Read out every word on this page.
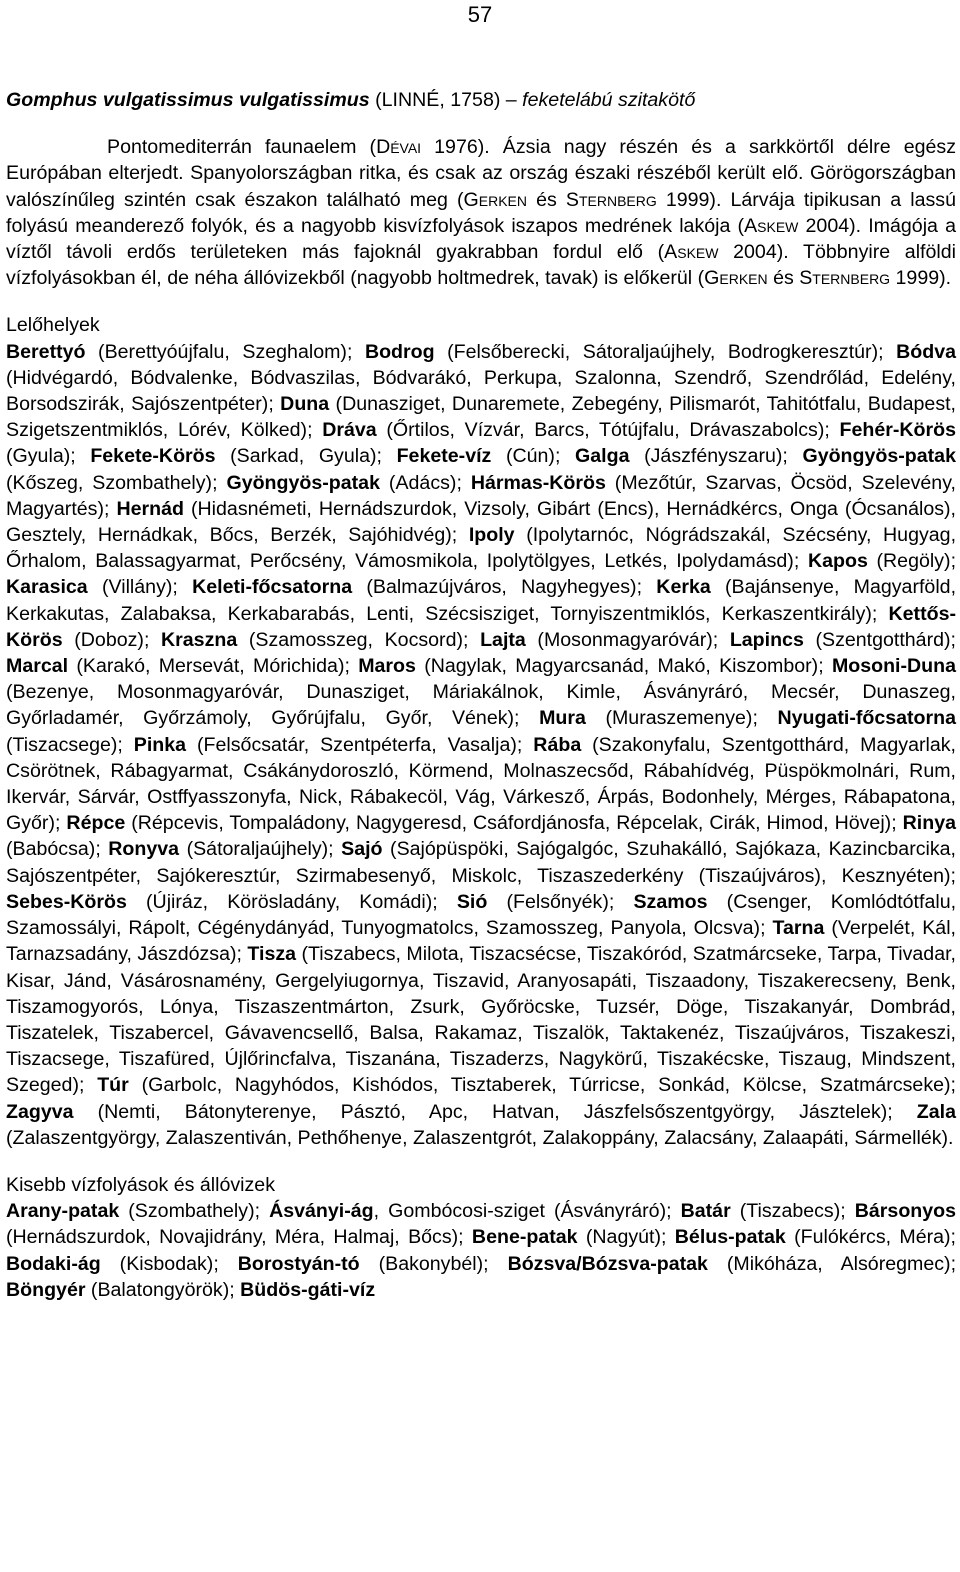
57

Gomphus vulgatissimus vulgatissimus (LINNÉ, 1758) – feketelábú szitakötő

Pontomediterrán faunaelem (Dévai 1976). Ázsia nagy részén és a sarkkörtől délre egész Európában elterjedt. Spanyolországban ritka, és csak az ország északi részéből került elő. Görögországban valószínűleg szintén csak északon található meg (Gerken és Sternberg 1999). Lárvája tipikusan a lassú folyású meanderező folyók, és a nagyobb kisvízfolyások iszapos medrének lakója (Askew 2004). Imágója a víztől távoli erdős területeken más fajoknál gyakrabban fordul elő (Askew 2004). Többnyire alföldi vízfolyásokban él, de néha állóvizekből (nagyobb holtmedrek, tavak) is előkerül (Gerken és Sternberg 1999).

Lelőhelyek

Berettyó (Berettyóújfalu, Szeghalom); Bodrog (Felsőberecki, Sátoraljaújhely, Bodrogkeresztúr); Bódva (Hidvégardó, Bódvalenke, Bódvaszilas, Bódvarákó, Perkupa, Szalonna, Szendrő, Szendrőlád, Edelény, Borsodszirák, Sajószentpéter); Duna (Dunasziget, Dunaremete, Zebegény, Pilismarót, Tahitótfalu, Budapest, Szigetszentmiklós, Lórév, Kölked); Dráva (Őrtilos, Vízvár, Barcs, Tótújfalu, Drávaszabolcs); Fehér-Körös (Gyula); Fekete-Körös (Sarkad, Gyula); Fekete-víz (Cún); Galga (Jászfényszaru); Gyöngyös-patak (Kőszeg, Szombathely); Gyöngyös-patak (Adács); Hármas-Körös (Mezőtúr, Szarvas, Öcsöd, Szelevény, Magyartés); Hernád (Hidasnémeti, Hernádszurdok, Vizsoly, Gibárt (Encs), Hernádkércs, Onga (Ócsanálos), Gesztely, Hernádkak, Bőcs, Berzék, Sajóhidvég); Ipoly (Ipolytarnóc, Nógrádszakál, Szécsény, Hugyag, Őrhalom, Balassagyarmat, Perőcsény, Vámosmikola, Ipolytölgyes, Letkés, Ipolydamásd); Kapos (Regöly); Karasica (Villány); Keleti-főcsatorna (Balmazújváros, Nagyhegyes); Kerka (Bajánsenye, Magyarföld, Kerkakutas, Zalabaksa, Kerkabarabás, Lenti, Szécsisziget, Tornyiszentmiklós, Kerkaszentkirály); Kettős-Körös (Doboz); Kraszna (Szamosszeg, Kocsord); Lajta (Mosonmagyaróvár); Lapincs (Szentgotthárd); Marcal (Karakó, Mersevát, Mórichida); Maros (Nagylak, Magyarcsanád, Makó, Kiszombor); Mosoni-Duna (Bezenye, Mosonmagyaróvár, Dunasziget, Máriakálnok, Kimle, Ásványráró, Mecsér, Dunaszeg, Győrladamér, Győrzámoly, Győrújfalu, Győr, Vének); Mura (Muraszemenye); Nyugati-főcsatorna (Tiszacsege); Pinka (Felsőcsatár, Szentpéterfa, Vasalja); Rába (Szakonyfalu, Szentgotthárd, Magyarlak, Csörötnek, Rábagyarmat, Csákánydoroszló, Körmend, Molnaszecsőd, Rábahídvég, Püspökmolnári, Rum, Ikervár, Sárvár, Ostffyasszonyfa, Nick, Rábakecöl, Vág, Várkesző, Árpás, Bodonhely, Mérges, Rábapatona, Győr); Répce (Répcevis, Tompaládony, Nagygeresd, Csáfordjánosfa, Répcelak, Cirák, Himod, Hövej); Rinya (Babócsa); Ronyva (Sátoraljaújhely); Sajó (Sajópüspöki, Sajógalgóc, Szuhakálló, Sajókaza, Kazincbarcika, Sajószentpéter, Sajókeresztúr, Szirmabesenyő, Miskolc, Tiszaszederkény (Tiszaújváros), Kesznyéten); Sebes-Körös (Újiráz, Körösladány, Komádi); Sió (Felsőnyék); Szamos (Csenger, Komlódtótfalu, Szamossályi, Rápolt, Cégénydányád, Tunyogmatolcs, Szamosszeg, Panyola, Olcsva); Tarna (Verpelét, Kál, Tarnazsadány, Jászdózsa); Tisza (Tiszabecs, Milota, Tiszacsécse, Tiszakóród, Szatmárcseke, Tarpa, Tivadar, Kisar, Jánd, Vásárosnamény, Gergelyiugornya, Tiszavid, Aranyosapáti, Tiszaadony, Tiszakerecseny, Benk, Tiszamogyorós, Lónya, Tiszaszentmárton, Zsurk, Győröcske, Tuzsér, Döge, Tiszakanyár, Dombrád, Tiszatelek, Tiszabercel, Gávavencsellő, Balsa, Rakamaz, Tiszalök, Taktakenéz, Tiszaújváros, Tiszakeszi, Tiszacsege, Tiszafüred, Újlőrincfalva, Tiszanána, Tiszaderzs, Nagykörű, Tiszakécske, Tiszaug, Mindszent, Szeged); Túr (Garbolc, Nagyhódos, Kishódos, Tisztaberek, Túrricse, Sonkád, Kölcse, Szatmárcseke); Zagyva (Nemti, Bátonyterenye, Pásztó, Apc, Hatvan, Jászfelsőszentgyörgy, Jásztelek); Zala (Zalaszentgyörgy, Zalaszentiván, Pethőhenye, Zalaszentgrót, Zalakoppány, Zalacsány, Zalaapáti, Sármellék).

Kisebb vízfolyások és állóvizek

Arany-patak (Szombathely); Ásványi-ág, Gombócosi-sziget (Ásványráró); Batár (Tiszabecs); Bársonyos (Hernádszurdok, Novajidrány, Méra, Halmaj, Bőcs); Bene-patak (Nagyút); Bélus-patak (Fulókércs, Méra); Bodaki-ág (Kisbodak); Borostyán-tó (Bakonybél); Bózsva/Bózsva-patak (Mikóháza, Alsóregmec); Böngyér (Balatongyörök); Büdös-gáti-víz
